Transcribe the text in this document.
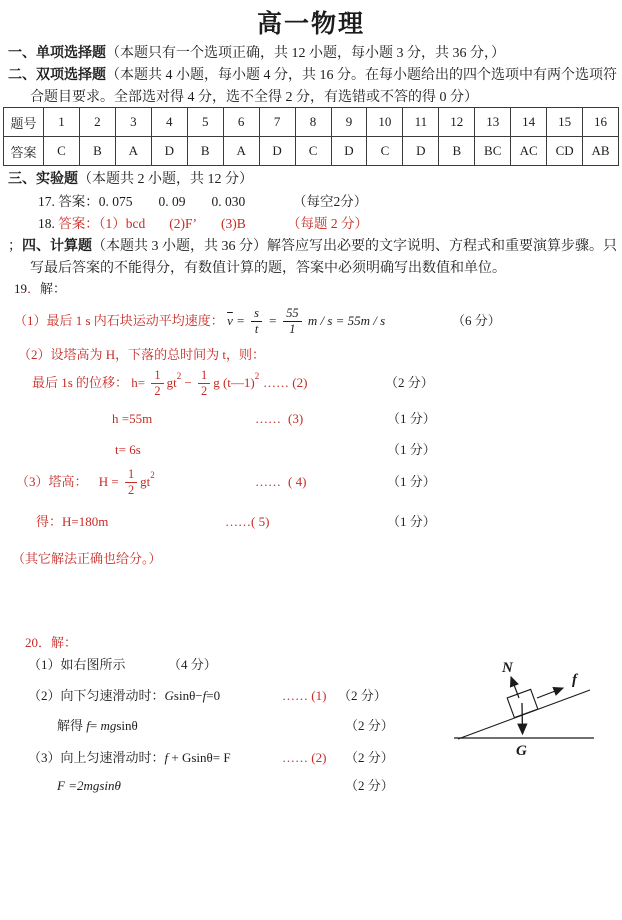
高一物理
题号	1	2	3	4	5	6	7	8	9	10	11	12	13	14	15	16
答案	C	B	A	D	B	A	D	C	D	C	D	B	BC	AC	CD	AB
一、单项选择题（本题只有一个选项正确，共 12 小题，每小题 3 分，共 36 分，）
二、双项选择题（本题共 4 小题，每小题 4 分，共 16 分。在每小题给出的四个选项中有两个选项符
合题目要求。全部选对得 4 分，选不全得 2 分，有选错或不答的得 0 分）
三、实验题（本题共 2 小题，共 12 分）
17. 答案：0. 075 0. 09 0. 030	（每空2分）
18. 答案：（1）bcd (2)F’ (3)B	（每题 2 分）
；四、计算题（本题共 3 小题，共 36 分）解答应写出必要的文字说明、方程式和重要演算步骤。只
写最后答案的不能得分，有数值计算的题，答案中必须明确写出数值和单位。
19．解：
（1）最后 1 s 内石块运动平均速度： $\overline{v} = \frac{s}{t} = \frac{55}{1}$ m / s = 55m / s	（6 分）
（2）设塔高为 H，下落的总时间为 t，则：
最后 1s 的位移： $h= \frac{1}{2}$ gt $2 - \frac{1}{2}$ g (t—1) 2 …… (2)	（2 分）
h =55m	…… (3)	（1 分）
t= 6s	（1 分）
（3）塔高： $H = \frac{1}{2}$ gt 2	…… ( 4)	（1 分）
得：H=180m	……( 5)	（1 分）
（其它解法正确也给分。）
20．解：
（1）如右图所示	（4 分）
（2）向下匀速滑动时：Gsinθ−f=0	…… (1) （2 分）
解得 f= mgsinθ	（2 分）
（3）向上匀速滑动时：f + Gsinθ= F	…… (2) （2 分）
F =2mgsinθ	（2 分）
N
f
G
